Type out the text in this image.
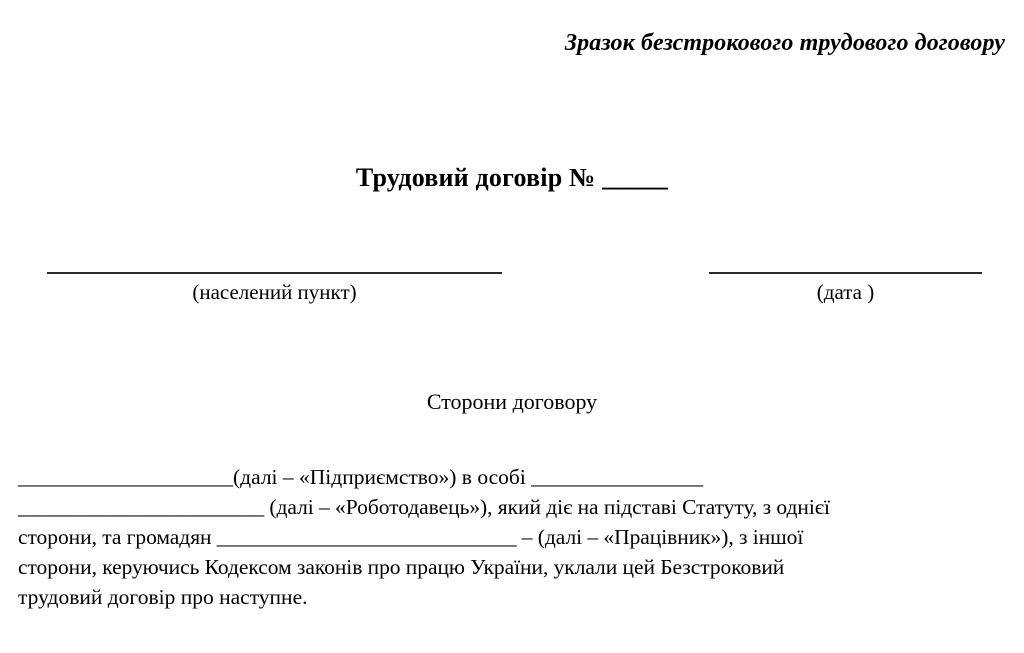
Зразок безстрокового трудового договору
Трудовий договір № _____
(населений пункт)	(дата )
Сторони договору
____________________(далі – «Підприємство») в особі ________________
_______________________ (далі – «Роботодавець»), який діє на підставі Статуту, з однієї
сторони, та громадян ____________________________ – (далі – «Працівник»), з іншої
сторони, керуючись Кодексом законів про працю України, уклали цей Безстроковий
трудовий договір про наступне.
